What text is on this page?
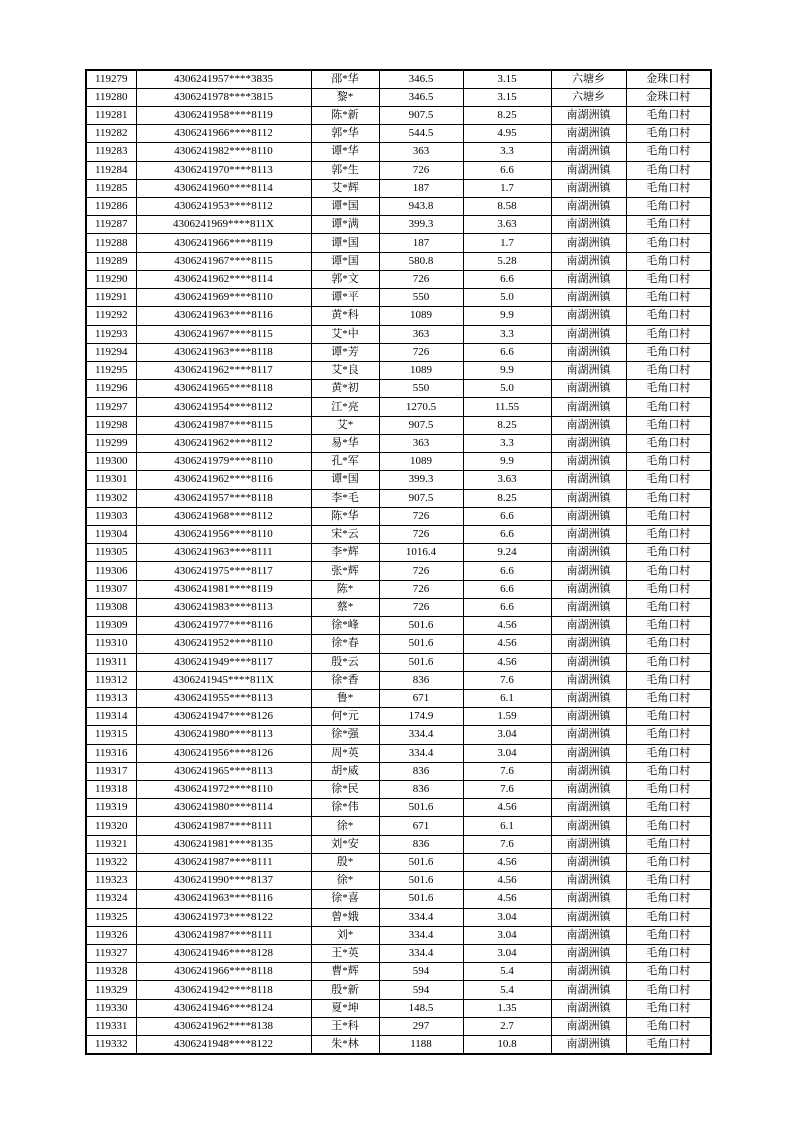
119279	4306241957****3835	邵*华	346.5	3.15	六塘乡	金珠口村
119280	4306241978****3815	黎*	346.5	3.15	六塘乡	金珠口村
119281	4306241958****8119	陈*新	907.5	8.25	南湖洲镇	毛角口村
119282	4306241966****8112	郭*华	544.5	4.95	南湖洲镇	毛角口村
119283	4306241982****8110	谭*华	363	3.3	南湖洲镇	毛角口村
119284	4306241970****8113	郭*生	726	6.6	南湖洲镇	毛角口村
119285	4306241960****8114	艾*辉	187	1.7	南湖洲镇	毛角口村
119286	4306241953****8112	谭*国	943.8	8.58	南湖洲镇	毛角口村
119287	4306241969****811X	谭*满	399.3	3.63	南湖洲镇	毛角口村
119288	4306241966****8119	谭*国	187	1.7	南湖洲镇	毛角口村
119289	4306241967****8115	谭*国	580.8	5.28	南湖洲镇	毛角口村
119290	4306241962****8114	郭*文	726	6.6	南湖洲镇	毛角口村
119291	4306241969****8110	谭*平	550	5.0	南湖洲镇	毛角口村
119292	4306241963****8116	黄*科	1089	9.9	南湖洲镇	毛角口村
119293	4306241967****8115	艾*中	363	3.3	南湖洲镇	毛角口村
119294	4306241963****8118	谭*芳	726	6.6	南湖洲镇	毛角口村
119295	4306241962****8117	艾*良	1089	9.9	南湖洲镇	毛角口村
119296	4306241965****8118	黄*初	550	5.0	南湖洲镇	毛角口村
119297	4306241954****8112	江*亮	1270.5	11.55	南湖洲镇	毛角口村
119298	4306241987****8115	艾*	907.5	8.25	南湖洲镇	毛角口村
119299	4306241962****8112	易*华	363	3.3	南湖洲镇	毛角口村
119300	4306241979****8110	孔*军	1089	9.9	南湖洲镇	毛角口村
119301	4306241962****8116	谭*国	399.3	3.63	南湖洲镇	毛角口村
119302	4306241957****8118	李*毛	907.5	8.25	南湖洲镇	毛角口村
119303	4306241968****8112	陈*华	726	6.6	南湖洲镇	毛角口村
119304	4306241956****8110	宋*云	726	6.6	南湖洲镇	毛角口村
119305	4306241963****8111	李*辉	1016.4	9.24	南湖洲镇	毛角口村
119306	4306241975****8117	张*辉	726	6.6	南湖洲镇	毛角口村
119307	4306241981****8119	陈*	726	6.6	南湖洲镇	毛角口村
119308	4306241983****8113	蔡*	726	6.6	南湖洲镇	毛角口村
119309	4306241977****8116	徐*峰	501.6	4.56	南湖洲镇	毛角口村
119310	4306241952****8110	徐*春	501.6	4.56	南湖洲镇	毛角口村
119311	4306241949****8117	殷*云	501.6	4.56	南湖洲镇	毛角口村
119312	4306241945****811X	徐*香	836	7.6	南湖洲镇	毛角口村
119313	4306241955****8113	鲁*	671	6.1	南湖洲镇	毛角口村
119314	4306241947****8126	何*元	174.9	1.59	南湖洲镇	毛角口村
119315	4306241980****8113	徐*强	334.4	3.04	南湖洲镇	毛角口村
119316	4306241956****8126	周*英	334.4	3.04	南湖洲镇	毛角口村
119317	4306241965****8113	胡*威	836	7.6	南湖洲镇	毛角口村
119318	4306241972****8110	徐*民	836	7.6	南湖洲镇	毛角口村
119319	4306241980****8114	徐*伟	501.6	4.56	南湖洲镇	毛角口村
119320	4306241987****8111	徐*	671	6.1	南湖洲镇	毛角口村
119321	4306241981****8135	刘*安	836	7.6	南湖洲镇	毛角口村
119322	4306241987****8111	殷*	501.6	4.56	南湖洲镇	毛角口村
119323	4306241990****8137	徐*	501.6	4.56	南湖洲镇	毛角口村
119324	4306241963****8116	徐*喜	501.6	4.56	南湖洲镇	毛角口村
119325	4306241973****8122	曾*娥	334.4	3.04	南湖洲镇	毛角口村
119326	4306241987****8111	刘*	334.4	3.04	南湖洲镇	毛角口村
119327	4306241946****8128	王*英	334.4	3.04	南湖洲镇	毛角口村
119328	4306241966****8118	曹*辉	594	5.4	南湖洲镇	毛角口村
119329	4306241942****8118	殷*新	594	5.4	南湖洲镇	毛角口村
119330	4306241946****8124	夏*坤	148.5	1.35	南湖洲镇	毛角口村
119331	4306241962****8138	王*科	297	2.7	南湖洲镇	毛角口村
119332	4306241948****8122	朱*林	1188	10.8	南湖洲镇	毛角口村
